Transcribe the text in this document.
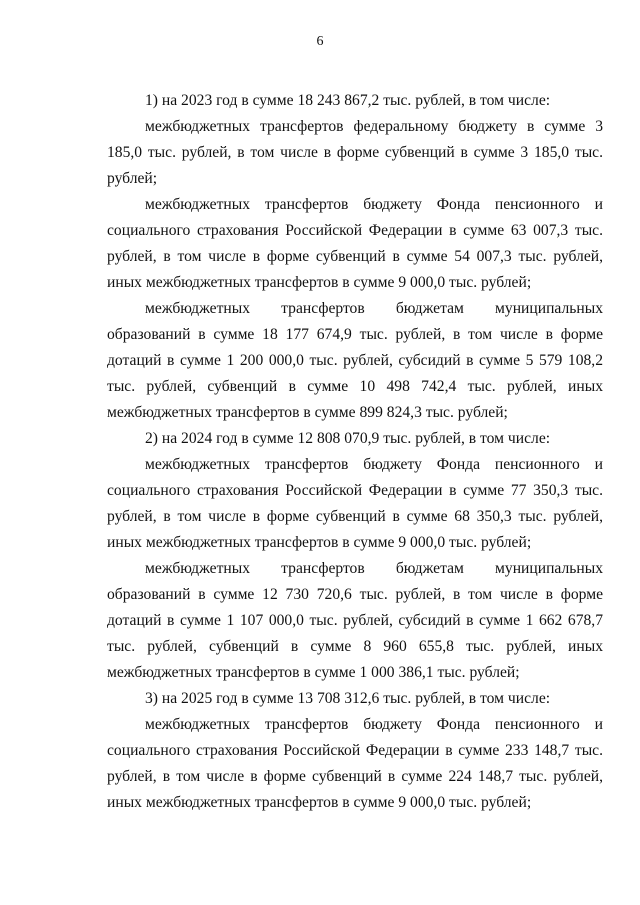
6

1) на 2023 год в сумме 18 243 867,2 тыс. рублей, в том числе:

межбюджетных трансфертов федеральному бюджету в сумме 3 185,0 тыс. рублей, в том числе в форме субвенций в сумме 3 185,0 тыс. рублей;

межбюджетных трансфертов бюджету Фонда пенсионного и социального страхования Российской Федерации в сумме 63 007,3 тыс. рублей, в том числе в форме субвенций в сумме 54 007,3 тыс. рублей, иных межбюджетных трансфертов в сумме 9 000,0 тыс. рублей;

межбюджетных трансфертов бюджетам муниципальных образований в сумме 18 177 674,9 тыс. рублей, в том числе в форме дотаций в сумме 1 200 000,0 тыс. рублей, субсидий в сумме 5 579 108,2 тыс. рублей, субвенций в сумме 10 498 742,4 тыс. рублей, иных межбюджетных трансфертов в сумме 899 824,3 тыс. рублей;

2) на 2024 год в сумме 12 808 070,9 тыс. рублей, в том числе:

межбюджетных трансфертов бюджету Фонда пенсионного и социального страхования Российской Федерации в сумме 77 350,3 тыс. рублей, в том числе в форме субвенций в сумме 68 350,3 тыс. рублей, иных межбюджетных трансфертов в сумме 9 000,0 тыс. рублей;

межбюджетных трансфертов бюджетам муниципальных образований в сумме 12 730 720,6 тыс. рублей, в том числе в форме дотаций в сумме 1 107 000,0 тыс. рублей, субсидий в сумме 1 662 678,7 тыс. рублей, субвенций в сумме 8 960 655,8 тыс. рублей, иных межбюджетных трансфертов в сумме 1 000 386,1 тыс. рублей;

3) на 2025 год в сумме 13 708 312,6 тыс. рублей, в том числе:

межбюджетных трансфертов бюджету Фонда пенсионного и социального страхования Российской Федерации в сумме 233 148,7 тыс. рублей, в том числе в форме субвенций в сумме 224 148,7 тыс. рублей, иных межбюджетных трансфертов в сумме 9 000,0 тыс. рублей;
